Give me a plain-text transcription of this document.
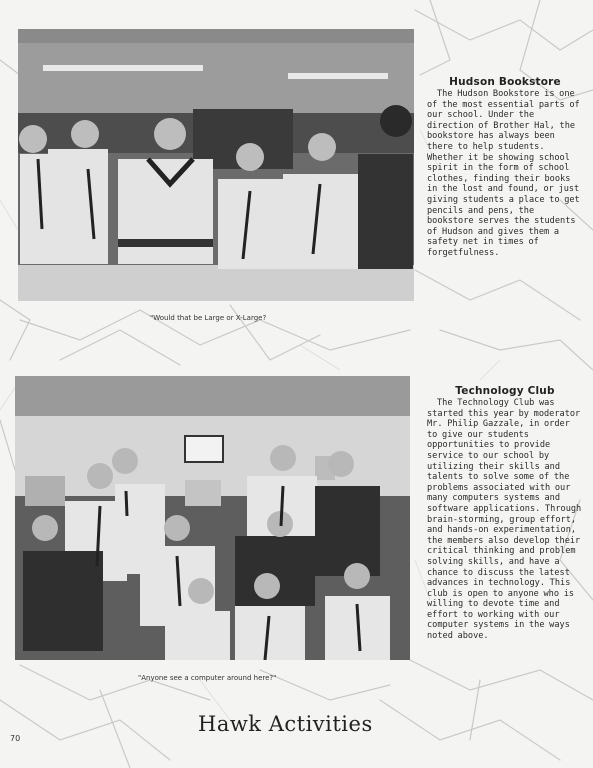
"Would that be Large or X-Large?
Hudson Bookstore

The Hudson Bookstore is one of the most essential parts of our school. Under the direction of Brother Hal, the bookstore has always been there to help students. Whether it be showing school spirit in the form of school clothes, finding their books in the lost and found, or just giving students a place to get pencils and pens, the bookstore serves the students of Hudson and gives them a safety net in times of forgetfulness.

"Anyone see a computer around here?"
Technology Club

The Technology Club was started this year by moderator Mr. Philip Gazzale, in order to give our students opportunities to provide service to our school by utilizing their skills and talents to solve some of the problems associated with our many computers systems and software applications. Through brain-storming, group effort, and hands-on experimentation, the members also develop their critical thinking and problem solving skills, and have a chance to discuss the latest advances in technology. This club is open to anyone who is willing to devote time and effort to working with our computer systems in the ways noted above.

Hawk Activities
70
